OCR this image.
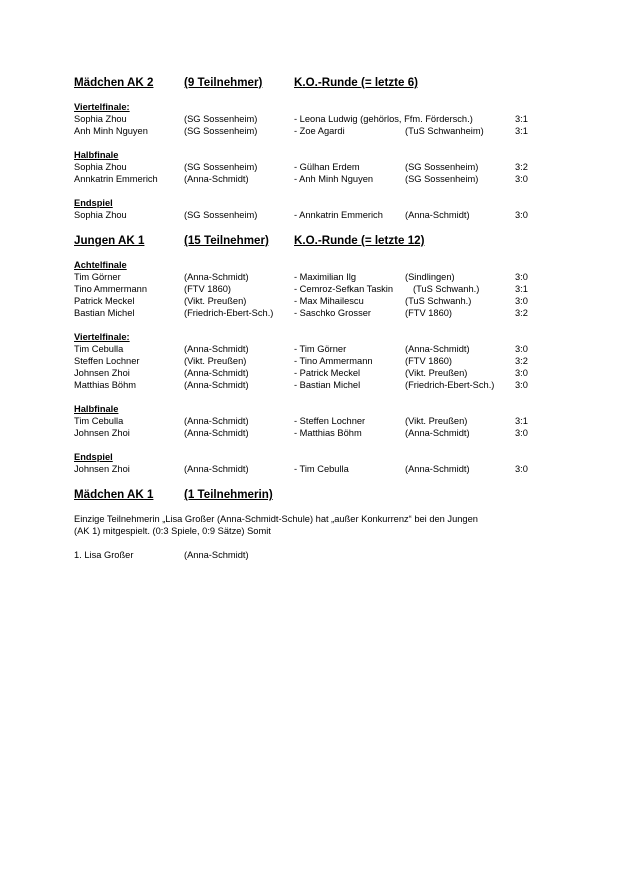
Mädchen AK 2	(9 Teilnehmer)	K.O.-Runde (= letzte 6)
Viertelfinale:
Sophia Zhou	(SG Sossenheim)	- Leona Ludwig (gehörlos, Ffm. Fördersch.)	3:1
Anh Minh Nguyen	(SG Sossenheim)	- Zoe Agardi	(TuS Schwanheim)	3:1
Halbfinale
Sophia Zhou	(SG Sossenheim)	- Gülhan Erdem	(SG Sossenheim)	3:2
Annkatrin Emmerich	(Anna-Schmidt)	- Anh Minh Nguyen	(SG Sossenheim)	3:0
Endspiel
Sophia Zhou	(SG Sossenheim)	- Annkatrin Emmerich (Anna-Schmidt)	3:0
Jungen AK 1	(15 Teilnehmer) K.O.-Runde (= letzte 12)
Achtelfinale
Tim Görner	(Anna-Schmidt)	- Maximilian Ilg	(Sindlingen)	3:0
Tino Ammermann	(FTV 1860)	- Cemroz-Sefkan Taskin (TuS Schwanh.)	3:1
Patrick Meckel	(Vikt. Preußen)	- Max Mihailescu	(TuS Schwanh.)	3:0
Bastian Michel	(Friedrich-Ebert-Sch.) - Saschko Grosser	(FTV 1860)	3:2
Viertelfinale:
Tim Cebulla	(Anna-Schmidt)	- Tim Görner	(Anna-Schmidt)	3:0
Steffen Lochner	(Vikt. Preußen)	- Tino Ammermann	(FTV 1860)	3:2
Johnsen Zhoi	(Anna-Schmidt)	- Patrick Meckel	(Vikt. Preußen)	3:0
Matthias Böhm	(Anna-Schmidt)	- Bastian Michel	(Friedrich-Ebert-Sch.) 3:0
Halbfinale
Tim Cebulla	(Anna-Schmidt)	- Steffen Lochner	(Vikt. Preußen)	3:1
Johnsen Zhoi	(Anna-Schmidt)	- Matthias Böhm	(Anna-Schmidt)	3:0
Endspiel
Johnsen Zhoi	(Anna-Schmidt)	- Tim Cebulla	(Anna-Schmidt)	3:0
Mädchen AK 1	(1 Teilnehmerin)
Einzige Teilnehmerin „Lisa Großer (Anna-Schmidt-Schule) hat „außer Konkurrenz“ bei den Jungen
(AK 1) mitgespielt. (0:3 Spiele, 0:9 Sätze) Somit
1. Lisa Großer	(Anna-Schmidt)
